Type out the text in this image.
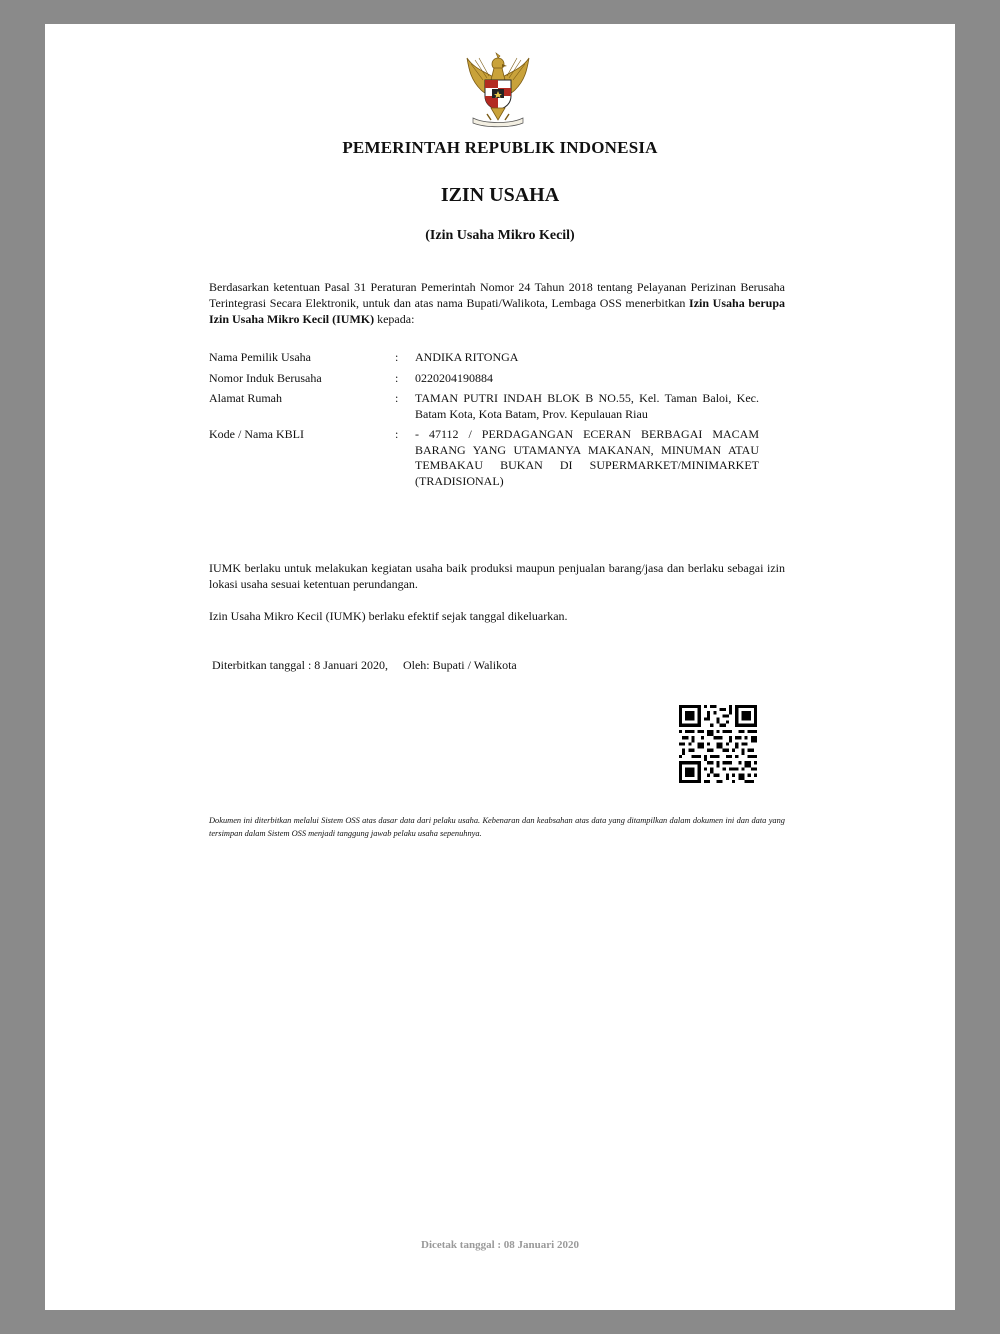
PEMERINTAH REPUBLIK INDONESIA
IZIN USAHA
(Izin Usaha Mikro Kecil)
Berdasarkan ketentuan Pasal 31 Peraturan Pemerintah Nomor 24 Tahun 2018 tentang Pelayanan Perizinan Berusaha Terintegrasi Secara Elektronik, untuk dan atas nama Bupati/Walikota, Lembaga OSS menerbitkan Izin Usaha berupa Izin Usaha Mikro Kecil (IUMK) kepada:
Nama Pemilik Usaha	:	ANDIKA RITONGA
Nomor Induk Berusaha	:	0220204190884
Alamat Rumah	:	TAMAN PUTRI INDAH BLOK B NO.55, Kel. Taman Baloi, Kec. Batam Kota, Kota Batam, Prov. Kepulauan Riau
Kode / Nama KBLI	:	- 47112 / PERDAGANGAN ECERAN BERBAGAI MACAM BARANG YANG UTAMANYA MAKANAN, MINUMAN ATAU TEMBAKAU BUKAN DI SUPERMARKET/MINIMARKET (TRADISIONAL)
IUMK berlaku untuk melakukan kegiatan usaha baik produksi maupun penjualan barang/jasa dan berlaku sebagai izin lokasi usaha sesuai ketentuan perundangan.
Izin Usaha Mikro Kecil (IUMK) berlaku efektif sejak tanggal dikeluarkan.
Diterbitkan tanggal : 8 Januari 2020,     Oleh: Bupati / Walikota
Dokumen ini diterbitkan melalui Sistem OSS atas dasar data dari pelaku usaha. Kebenaran dan keabsahan atas data yang ditampilkan dalam dokumen ini dan data yang tersimpan dalam Sistem OSS menjadi tanggung jawab pelaku usaha sepenuhnya.
Dicetak tanggal : 08 Januari 2020
